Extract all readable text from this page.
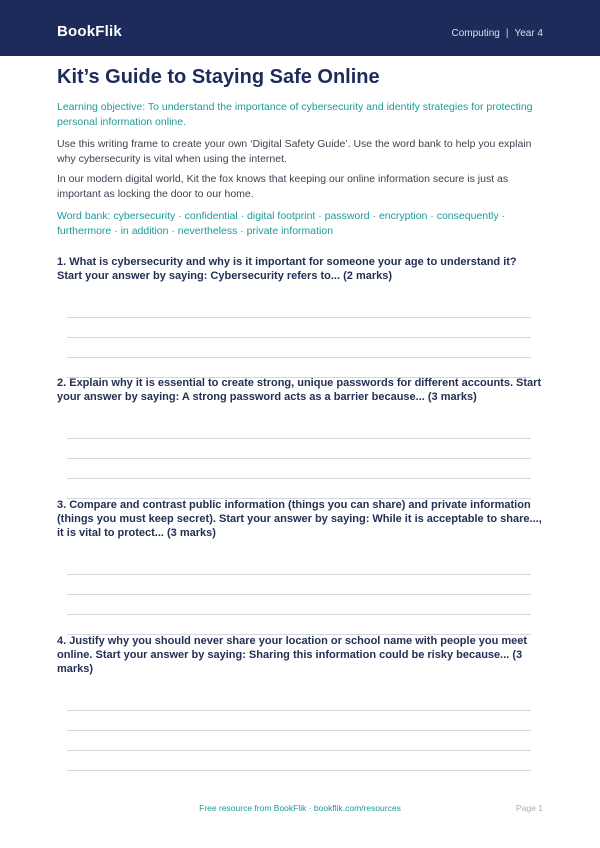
BookFlik	Computing | Year 4
Kit’s Guide to Staying Safe Online

Learning objective: To understand the importance of cybersecurity and identify strategies for protecting personal information online.

Use this writing frame to create your own ‘Digital Safety Guide’. Use the word bank to help you explain why cybersecurity is vital when using the internet.

In our modern digital world, Kit the fox knows that keeping our online information secure is just as important as locking the door to our home.

Word bank: cybersecurity · confidential · digital footprint · password · encryption · consequently · furthermore · in addition · nevertheless · private information

1. What is cybersecurity and why is it important for someone your age to understand it? Start your answer by saying: Cybersecurity refers to... (2 marks)

2. Explain why it is essential to create strong, unique passwords for different accounts. Start your answer by saying: A strong password acts as a barrier because... (3 marks)

3. Compare and contrast public information (things you can share) and private information (things you must keep secret). Start your answer by saying: While it is acceptable to share..., it is vital to protect... (3 marks)

4. Justify why you should never share your location or school name with people you meet online. Start your answer by saying: Sharing this information could be risky because... (3 marks)

Free resource from BookFlik · bookflik.com/resources	Page 1
